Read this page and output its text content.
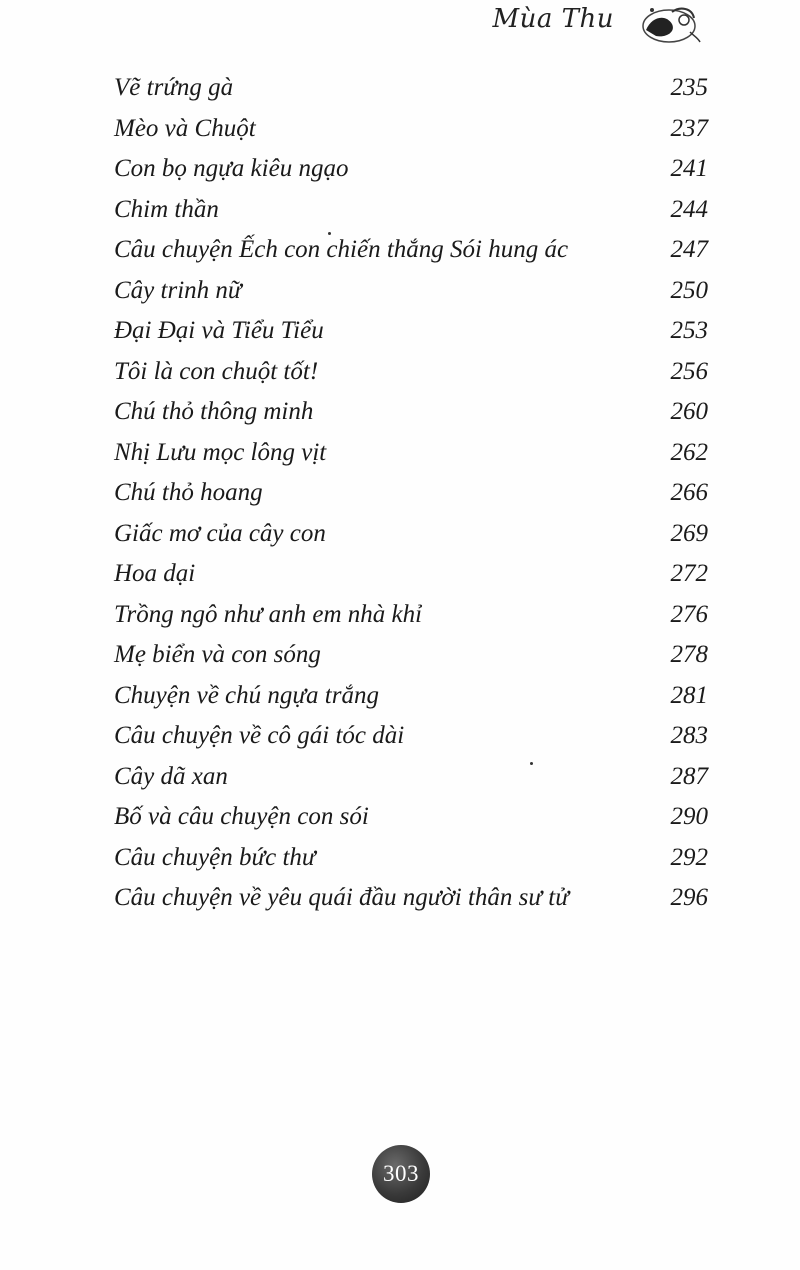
Mùa Thu
Vẽ trứng gà	235
Mèo và Chuột	237
Con bọ ngựa kiêu ngạo	241
Chim thần	244
Câu chuyện Ếch con chiến thắng Sói hung ác	247
Cây trinh nữ	250
Đại Đại và Tiểu Tiểu	253
Tôi là con chuột tốt!	256
Chú thỏ thông minh	260
Nhị Lưu mọc lông vịt	262
Chú thỏ hoang	266
Giấc mơ của cây con	269
Hoa dại	272
Trồng ngô như anh em nhà khỉ	276
Mẹ biển và con sóng	278
Chuyện về chú ngựa trắng	281
Câu chuyện về cô gái tóc dài	283
Cây dã xan	287
Bố và câu chuyện con sói	290
Câu chuyện bức thư	292
Câu chuyện về yêu quái đầu người thân sư tử	296
303
